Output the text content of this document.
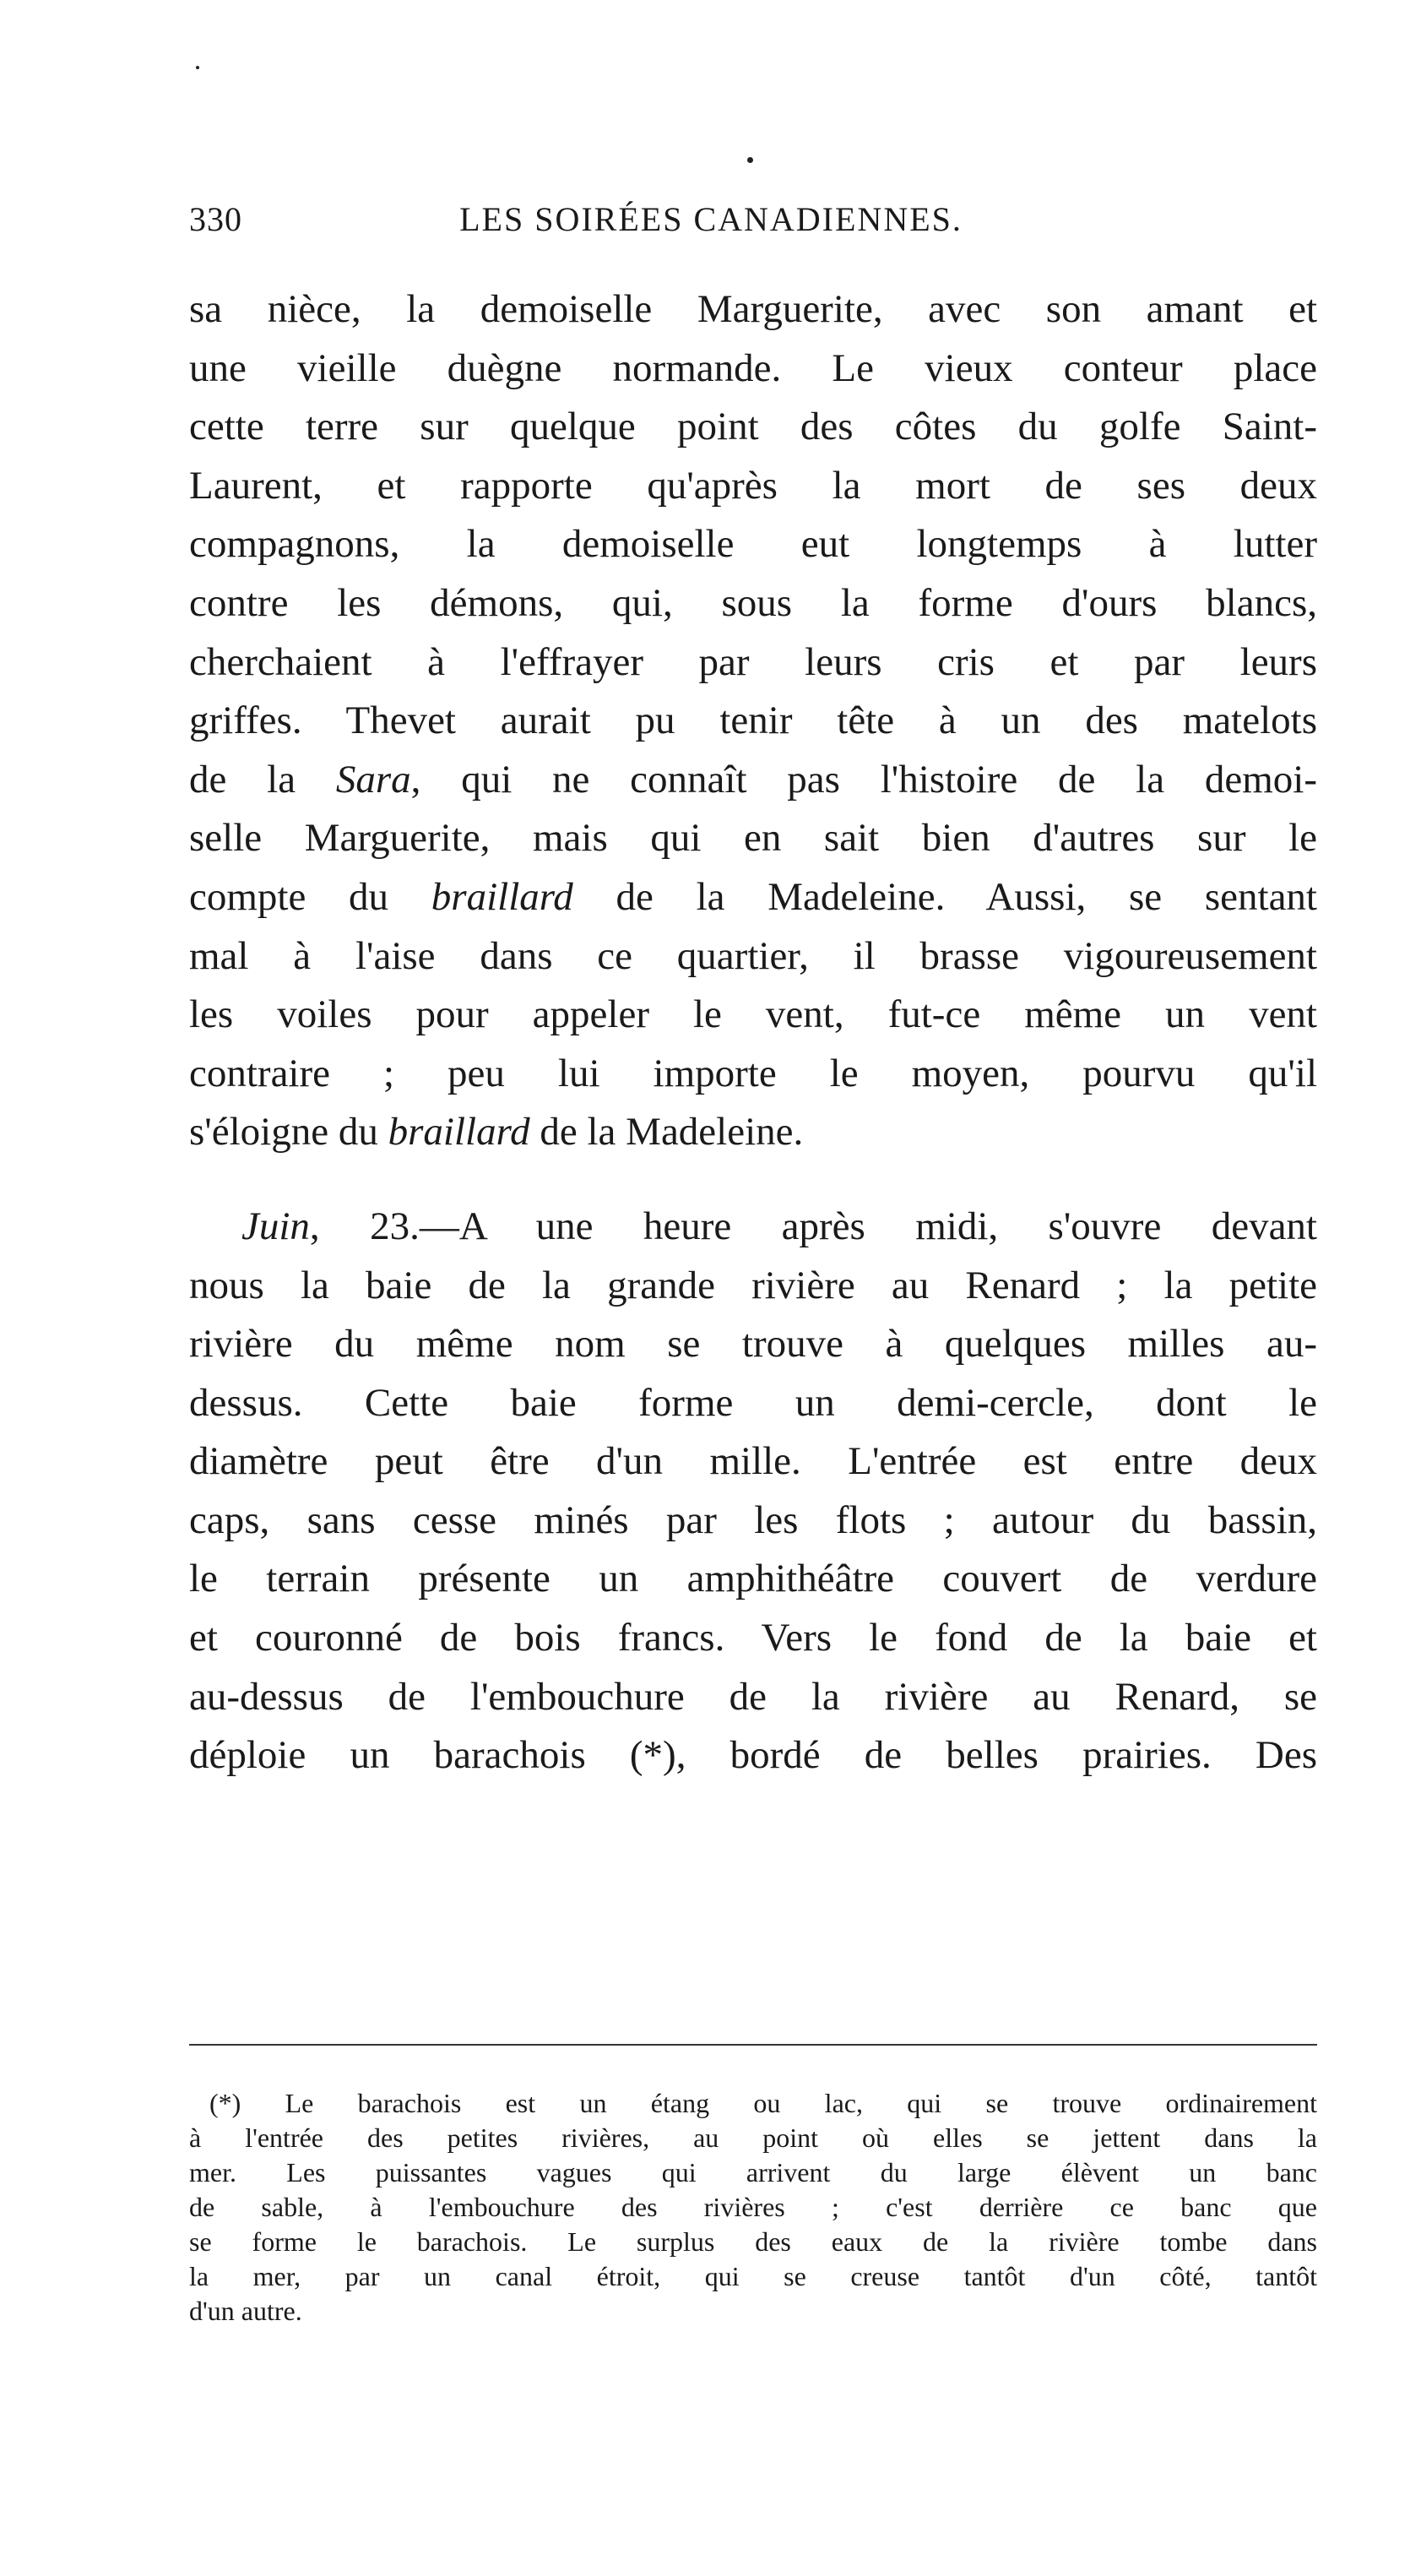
330	LES SOIRÉES CANADIENNES.
sa nièce, la demoiselle Marguerite, avec son amant et
une vieille duègne normande. Le vieux conteur place
cette terre sur quelque point des côtes du golfe Saint-
Laurent, et rapporte qu'après la mort de ses deux
compagnons, la demoiselle eut longtemps à lutter
contre les démons, qui, sous la forme d'ours blancs,
cherchaient à l'effrayer par leurs cris et par leurs
griffes. Thevet aurait pu tenir tête à un des matelots
de la Sara, qui ne connaît pas l'histoire de la demoi-
selle Marguerite, mais qui en sait bien d'autres sur le
compte du braillard de la Madeleine. Aussi, se sentant
mal à l'aise dans ce quartier, il brasse vigoureusement
les voiles pour appeler le vent, fut-ce même un vent
contraire ; peu lui importe le moyen, pourvu qu'il
s'éloigne du braillard de la Madeleine.
Juin, 23.—A une heure après midi, s'ouvre devant
nous la baie de la grande rivière au Renard ; la petite
rivière du même nom se trouve à quelques milles au-
dessus. Cette baie forme un demi-cercle, dont le
diamètre peut être d'un mille. L'entrée est entre deux
caps, sans cesse minés par les flots ; autour du bassin,
le terrain présente un amphithéâtre couvert de verdure
et couronné de bois francs. Vers le fond de la baie et
au-dessus de l'embouchure de la rivière au Renard, se
déploie un barachois (*), bordé de belles prairies. Des
(*) Le barachois est un étang ou lac, qui se trouve ordinairement
à l'entrée des petites rivières, au point où elles se jettent dans la
mer. Les puissantes vagues qui arrivent du large élèvent un banc
de sable, à l'embouchure des rivières ; c'est derrière ce banc que
se forme le barachois. Le surplus des eaux de la rivière tombe dans
la mer, par un canal étroit, qui se creuse tantôt d'un côté, tantôt
d'un autre.
